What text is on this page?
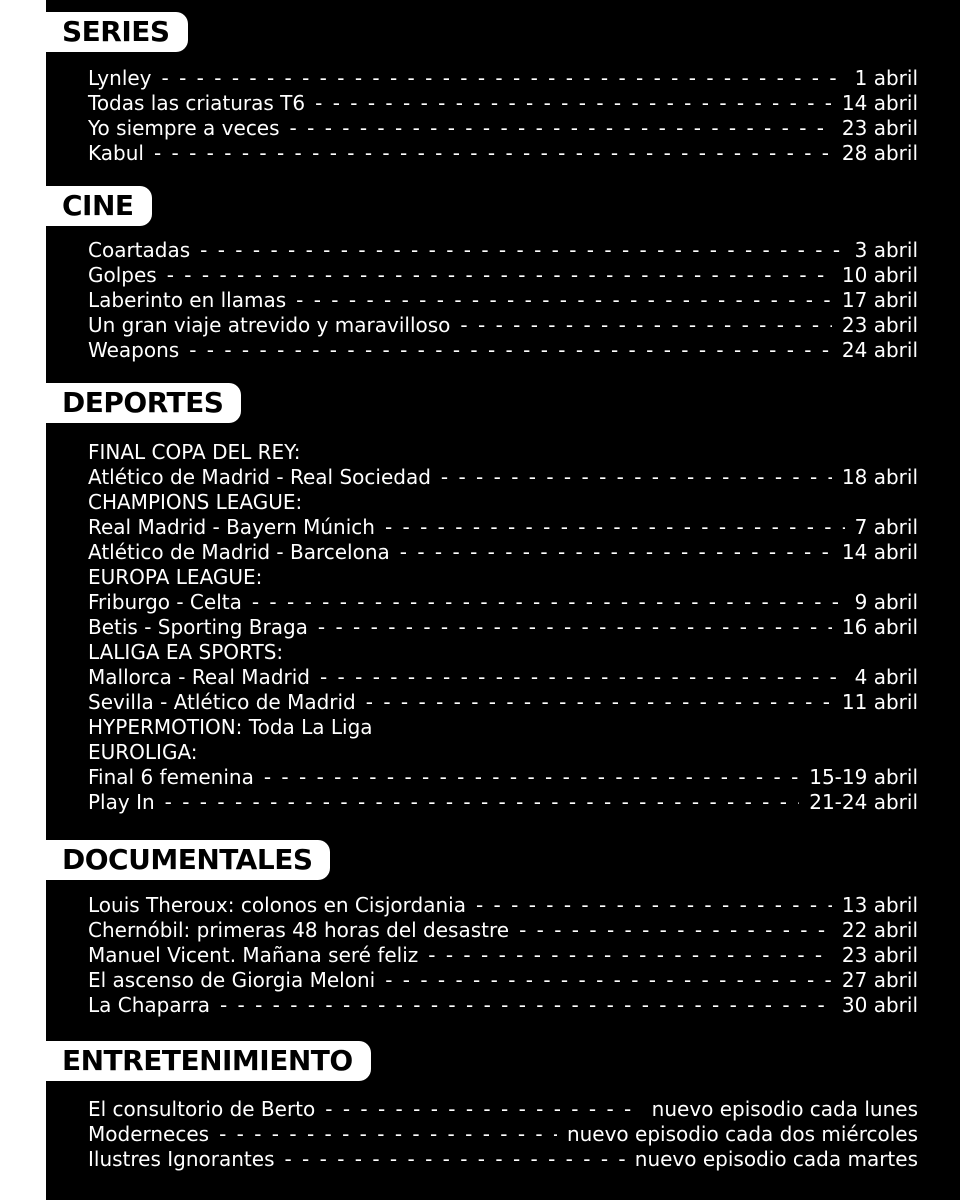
SERIES
Lynley - - -	1 abril
Todas las criaturas T6 - - -	14 abril
Yo siempre a veces - - -	23 abril
Kabul - - -	28 abril
CINE
Coartadas - - -	3 abril
Golpes - - -	10 abril
Laberinto en llamas - - -	17 abril
Un gran viaje atrevido y maravilloso - - -	23 abril
Weapons - - -	24 abril
DEPORTES
FINAL COPA DEL REY:
Atlético de Madrid - Real Sociedad - - -	18 abril
CHAMPIONS LEAGUE:
Real Madrid - Bayern Múnich - - -	7 abril
Atlético de Madrid - Barcelona - - -	14 abril
EUROPA LEAGUE:
Friburgo - Celta - - -	9 abril
Betis - Sporting Braga - - -	16 abril
LALIGA EA SPORTS:
Mallorca - Real Madrid - - -	4 abril
Sevilla - Atlético de Madrid - - -	11 abril
HYPERMOTION: Toda La Liga
EUROLIGA:
Final 6 femenina - - -	15-19 abril
Play In - - -	21-24 abril
DOCUMENTALES
Louis Theroux: colonos en Cisjordania - - -	13 abril
Chernóbil: primeras 48 horas del desastre - - -	22 abril
Manuel Vicent. Mañana seré feliz - - -	23 abril
El ascenso de Giorgia Meloni - - -	27 abril
La Chaparra - - -	30 abril
ENTRETENIMIENTO
El consultorio de Berto - - -	nuevo episodio cada lunes
Moderneces - - -	nuevo episodio cada dos miércoles
Ilustres Ignorantes - - -	nuevo episodio cada martes
